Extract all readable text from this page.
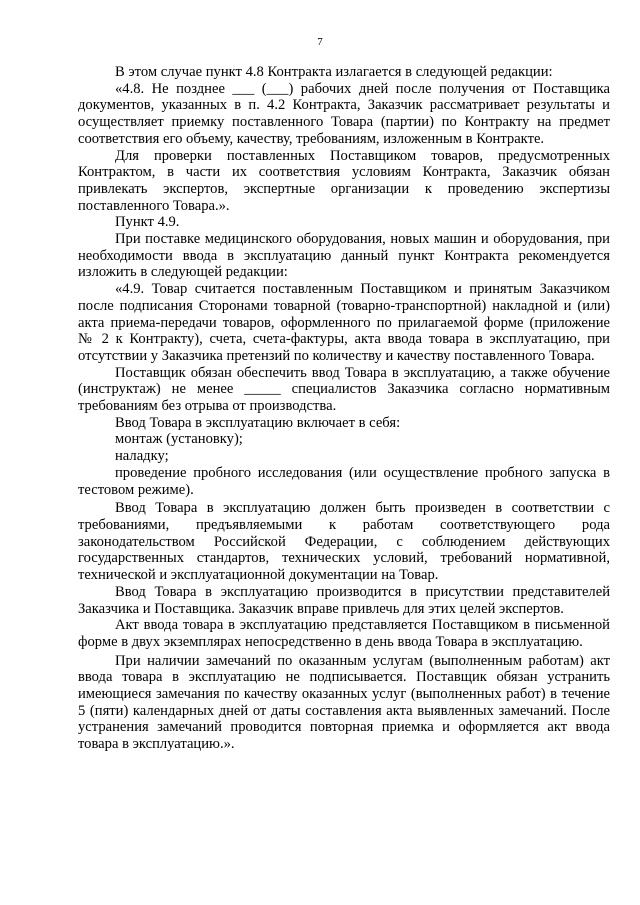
7

В этом случае пункт 4.8 Контракта излагается в следующей редакции:

«4.8. Не позднее ___ (___) рабочих дней после получения от Поставщика документов, указанных в п. 4.2 Контракта, Заказчик рассматривает результаты и осуществляет приемку поставленного Товара (партии) по Контракту на предмет соответствия его объему, качеству, требованиям, изложенным в Контракте.

Для проверки поставленных Поставщиком товаров, предусмотренных Контрактом, в части их соответствия условиям Контракта, Заказчик обязан привлекать экспертов, экспертные организации к проведению экспертизы поставленного Товара.».

Пункт 4.9.

При поставке медицинского оборудования, новых машин и оборудования, при необходимости ввода в эксплуатацию данный пункт Контракта рекомендуется изложить в следующей редакции:

«4.9. Товар считается поставленным Поставщиком и принятым Заказчиком после подписания Сторонами товарной (товарно-транспортной) накладной и (или) акта приема-передачи товаров, оформленного по прилагаемой форме (приложение № 2 к Контракту), счета, счета-фактуры, акта ввода товара в эксплуатацию, при отсутствии у Заказчика претензий по количеству и качеству поставленного Товара.

Поставщик обязан обеспечить ввод Товара в эксплуатацию, а также обучение (инструктаж) не менее _____ специалистов Заказчика согласно нормативным требованиям без отрыва от производства.

Ввод Товара в эксплуатацию включает в себя:

монтаж (установку);

наладку;

проведение пробного исследования (или осуществление пробного запуска в тестовом режиме).

Ввод Товара в эксплуатацию должен быть произведен в соответствии с требованиями, предъявляемыми к работам соответствующего рода законодательством Российской Федерации, с соблюдением действующих государственных стандартов, технических условий, требований нормативной, технической и эксплуатационной документации на Товар.

Ввод Товара в эксплуатацию производится в присутствии представителей Заказчика и Поставщика. Заказчик вправе привлечь для этих целей экспертов.

Акт ввода товара в эксплуатацию представляется Поставщиком в письменной форме в двух экземплярах непосредственно в день ввода Товара в эксплуатацию.

При наличии замечаний по оказанным услугам (выполненным работам) акт ввода товара в эксплуатацию не подписывается. Поставщик обязан устранить имеющиеся замечания по качеству оказанных услуг (выполненных работ) в течение 5 (пяти) календарных дней от даты составления акта выявленных замечаний. После устранения замечаний проводится повторная приемка и оформляется акт ввода товара в эксплуатацию.».
